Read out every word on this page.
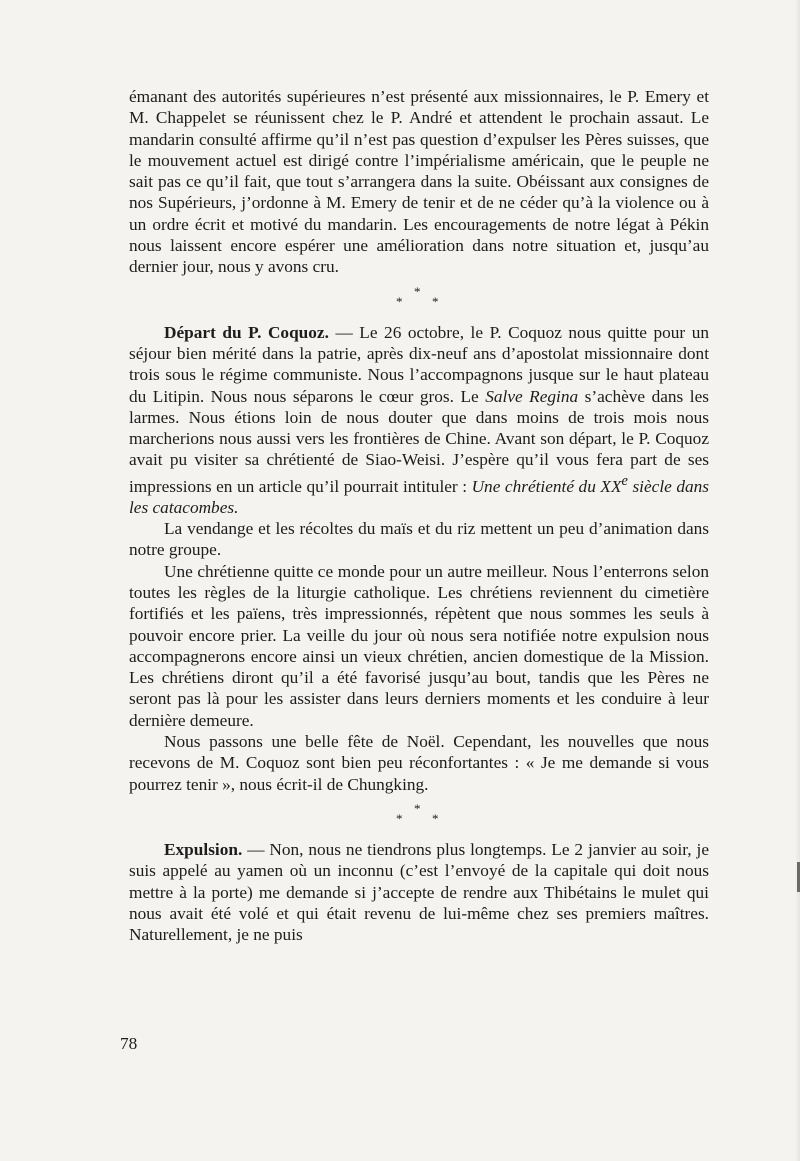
émanant des autorités supérieures n’est présenté aux missionnaires, le P. Emery et M. Chappelet se réunissent chez le P. André et attendent le prochain assaut. Le mandarin consulté affirme qu’il n’est pas question d’expulser les Pères suisses, que le mouvement actuel est dirigé contre l’impérialisme américain, que le peuple ne sait pas ce qu’il fait, que tout s’arrangera dans la suite. Obéissant aux consignes de nos Supérieurs, j’ordonne à M. Emery de tenir et de ne céder qu’à la violence ou à un ordre écrit et motivé du mandarin. Les encouragements de notre légat à Pékin nous laissent encore espérer une amélioration dans notre situation et, jusqu’au dernier jour, nous y avons cru.

*
* *

Départ du P. Coquoz. — Le 26 octobre, le P. Coquoz nous quitte pour un séjour bien mérité dans la patrie, après dix-neuf ans d’apostolat missionnaire dont trois sous le régime communiste. Nous l’accompagnons jusque sur le haut plateau du Litipin. Nous nous séparons le cœur gros. Le Salve Regina s’achève dans les larmes. Nous étions loin de nous douter que dans moins de trois mois nous marcherions nous aussi vers les frontières de Chine. Avant son départ, le P. Coquoz avait pu visiter sa chrétienté de Siao-Weisi. J’espère qu’il vous fera part de ses impressions en un article qu’il pourrait intituler : Une chrétienté du XXe siècle dans les catacombes.

La vendange et les récoltes du maïs et du riz mettent un peu d’animation dans notre groupe.

Une chrétienne quitte ce monde pour un autre meilleur. Nous l’enterrons selon toutes les règles de la liturgie catholique. Les chrétiens reviennent du cimetière fortifiés et les païens, très impressionnés, répètent que nous sommes les seuls à pouvoir encore prier. La veille du jour où nous sera notifiée notre expulsion nous accompagnerons encore ainsi un vieux chrétien, ancien domestique de la Mission. Les chrétiens diront qu’il a été favorisé jusqu’au bout, tandis que les Pères ne seront pas là pour les assister dans leurs derniers moments et les conduire à leur dernière demeure.

Nous passons une belle fête de Noël. Cependant, les nouvelles que nous recevons de M. Coquoz sont bien peu réconfortantes : « Je me demande si vous pourrez tenir », nous écrit-il de Chungking.

*
* *

Expulsion. — Non, nous ne tiendrons plus longtemps. Le 2 janvier au soir, je suis appelé au yamen où un inconnu (c’est l’envoyé de la capitale qui doit nous mettre à la porte) me demande si j’accepte de rendre aux Thibétains le mulet qui nous avait été volé et qui était revenu de lui-même chez ses premiers maîtres. Naturellement, je ne puis

78
